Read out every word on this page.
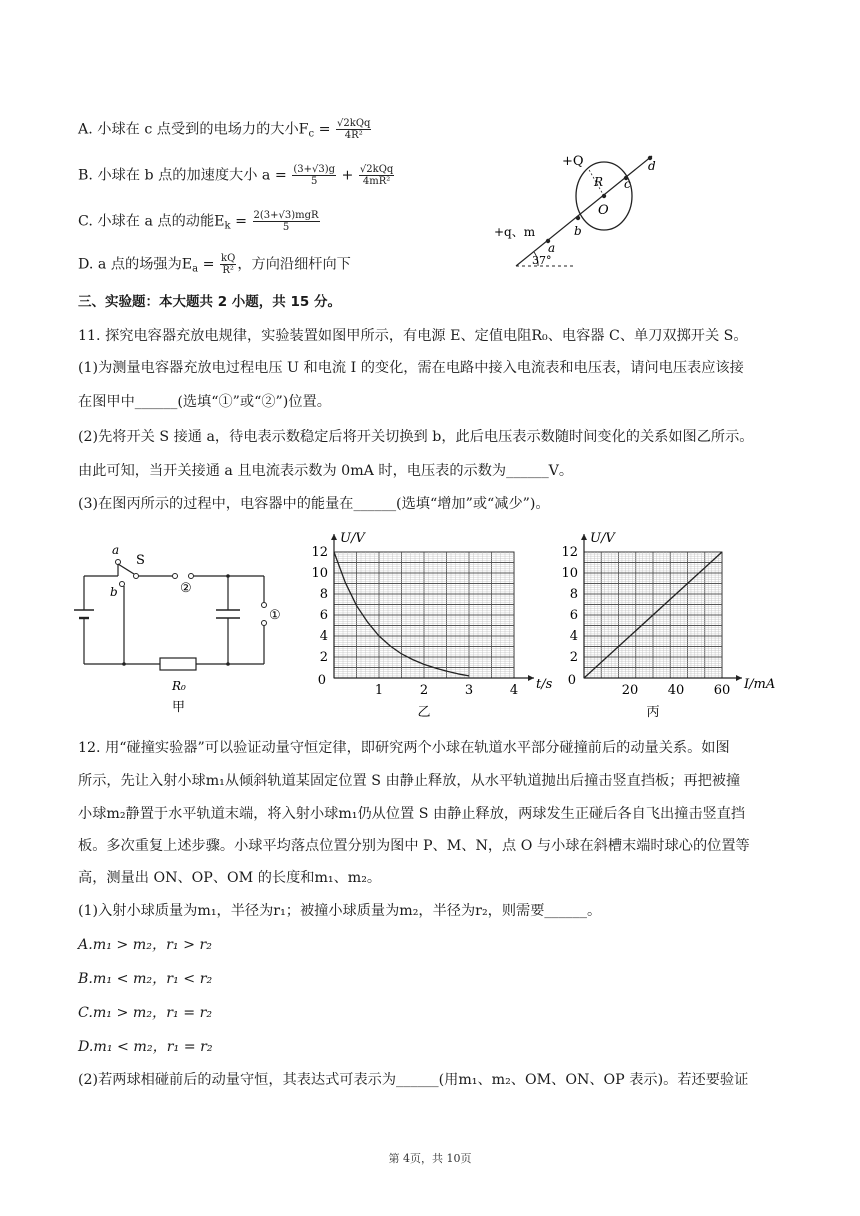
A. 小球在 c 点受到的电场力的大小$F_c = \frac{\text{√2kQq}}{\text{4R²}}$
B. 小球在 b 点的加速度大小 $a = \frac{(3+√3)g}{5} + \frac{\text{√2kQq}}{\text{4mR²}}$
C. 小球在 a 点的动能$E_k = \frac{\text{2(3+√3)mgR}}{5}$
D. a 点的场强为$E_a = \frac{kQ}{\text{R²}}$ ，方向沿细杆向下
+Q
R c
d
O
b
+q、m
a
37°
三、实验题：本大题共 2 小题，共 15 分。
11. 探究电容器充放电规律，实验装置如图甲所示，有电源 E、定值电阻R₀、电容器 C、单刀双掷开关 S。
(1)为测量电容器充放电过程电压 U 和电流 I 的变化，需在电路中接入电流表和电压表，请问电压表应该接
在图甲中______(选填“①”或“②”)位置。
(2)先将开关 S 接通 a，待电表示数稳定后将开关切换到 b，此后电压表示数随时间变化的关系如图乙所示。
由此可知，当开关接通 a 且电流表示数为 0mA 时，电压表的示数为______V。
(3)在图丙所示的过程中，电容器中的能量在______(选填“增加”或“减少”)。
a
S
b	②
①
R₀
甲
1	2	3	4
2
4
6
8
10
12
0	t/s
U/V
乙
20 40 60
2
4
6
8
10
12
0	I/mA
U/V
丙
12. 用“碰撞实验器”可以验证动量守恒定律，即研究两个小球在轨道水平部分碰撞前后的动量关系。如图
所示，先让入射小球m₁从倾斜轨道某固定位置 S 由静止释放，从水平轨道抛出后撞击竖直挡板；再把被撞
小球m₂静置于水平轨道末端，将入射小球m₁仍从位置 S 由静止释放，两球发生正碰后各自飞出撞击竖直挡
板。多次重复上述步骤。小球平均落点位置分别为图中 P、M、N，点 O 与小球在斜槽末端时球心的位置等
高，测量出 ON、OP、OM 的长度和m₁、m₂。
(1)入射小球质量为m₁，半径为r₁；被撞小球质量为m₂，半径为r₂，则需要______。
A.m₁ > m₂，r₁ > r₂
B.m₁ < m₂，r₁ < r₂
C.m₁ > m₂，r₁ = r₂
D.m₁ < m₂，r₁ = r₂
(2)若两球相碰前后的动量守恒，其表达式可表示为______(用m₁、m₂、OM、ON、OP 表示)。若还要验证
第 4页，共 10页
